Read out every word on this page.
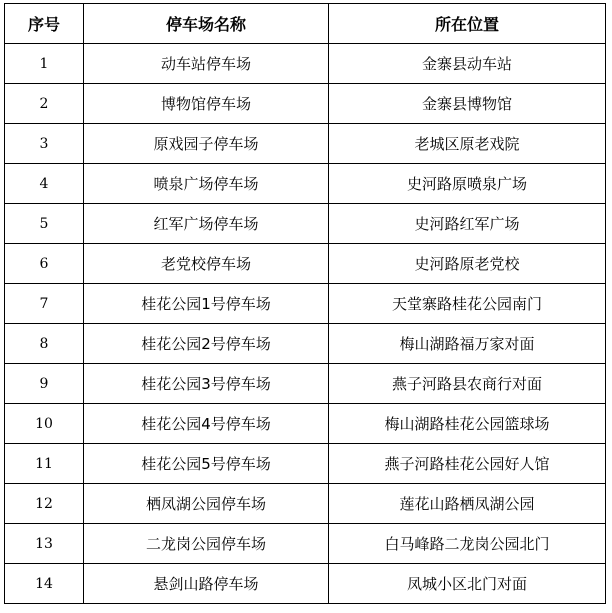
序号	停车场名称	所在位置
1	动车站停车场	金寨县动车站
2	博物馆停车场	金寨县博物馆
3	原戏园子停车场	老城区原老戏院
4	喷泉广场停车场	史河路原喷泉广场
5	红军广场停车场	史河路红军广场
6	老党校停车场	史河路原老党校
7	桂花公园1号停车场	天堂寨路桂花公园南门
8	桂花公园2号停车场	梅山湖路福万家对面
9	桂花公园3号停车场	燕子河路县农商行对面
10	桂花公园4号停车场	梅山湖路桂花公园篮球场
11	桂花公园5号停车场	燕子河路桂花公园好人馆
12	栖凤湖公园停车场	莲花山路栖凤湖公园
13	二龙岗公园停车场	白马峰路二龙岗公园北门
14	悬剑山路停车场	凤城小区北门对面
